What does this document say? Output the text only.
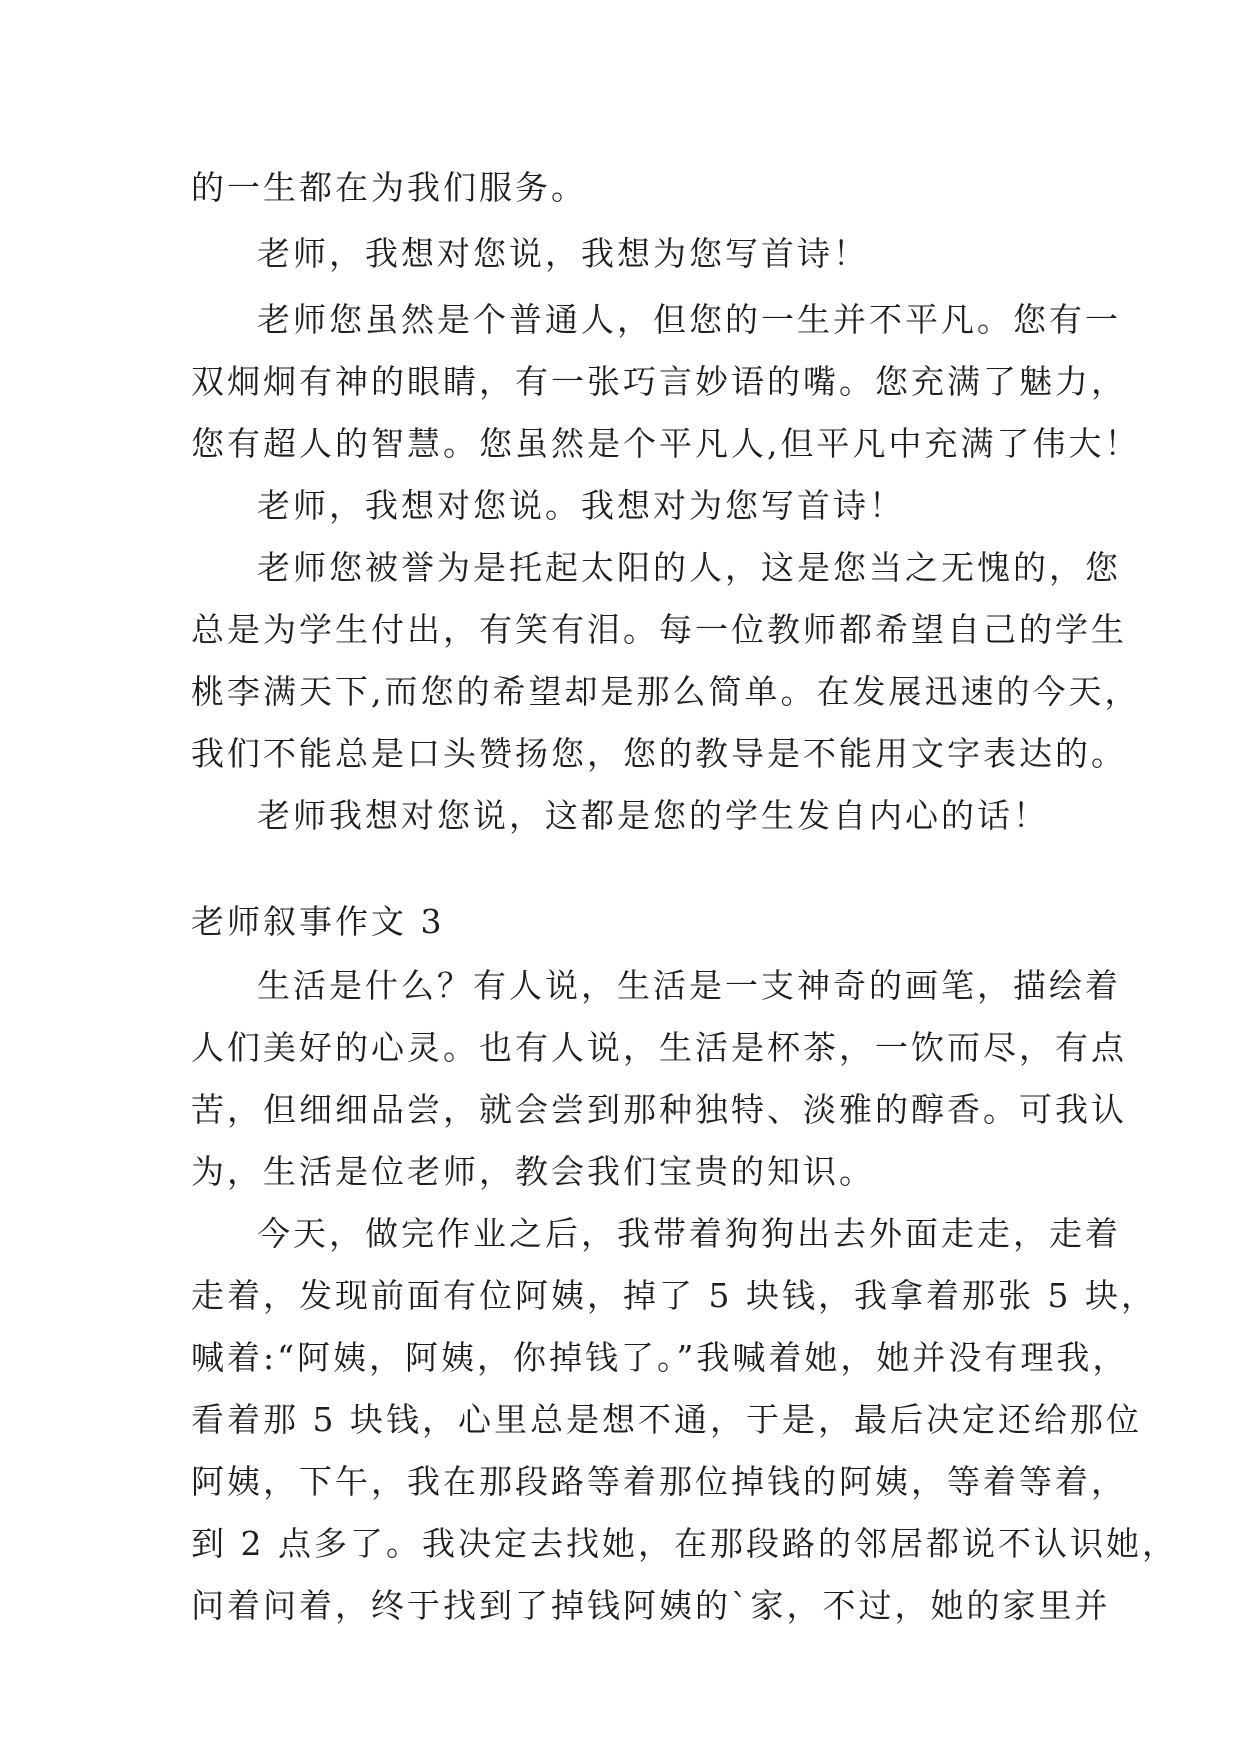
的一生都在为我们服务。
老师，我想对您说，我想为您写首诗！
老师您虽然是个普通人，但您的一生并不平凡。您有一
双炯炯有神的眼睛，有一张巧言妙语的嘴。您充满了魅力，
您有超人的智慧。您虽然是个平凡人,但平凡中充满了伟大！
老师，我想对您说。我想对为您写首诗！
老师您被誉为是托起太阳的人，这是您当之无愧的，您
总是为学生付出，有笑有泪。每一位教师都希望自己的学生
桃李满天下,而您的希望却是那么简单。在发展迅速的今天，
我们不能总是口头赞扬您，您的教导是不能用文字表达的。
老师我想对您说，这都是您的学生发自内心的话！
老师叙事作文 3
生活是什么？有人说，生活是一支神奇的画笔，描绘着
人们美好的心灵。也有人说，生活是杯茶，一饮而尽，有点
苦，但细细品尝，就会尝到那种独特、淡雅的醇香。可我认
为，生活是位老师，教会我们宝贵的知识。
今天，做完作业之后，我带着狗狗出去外面走走，走着
走着，发现前面有位阿姨，掉了 5 块钱，我拿着那张 5 块，
喊着:“阿姨，阿姨，你掉钱了。”我喊着她，她并没有理我，
看着那 5 块钱，心里总是想不通，于是，最后决定还给那位
阿姨，下午，我在那段路等着那位掉钱的阿姨，等着等着，
到 2 点多了。我决定去找她，在那段路的邻居都说不认识她，
问着问着，终于找到了掉钱阿姨的`家，不过，她的家里并
